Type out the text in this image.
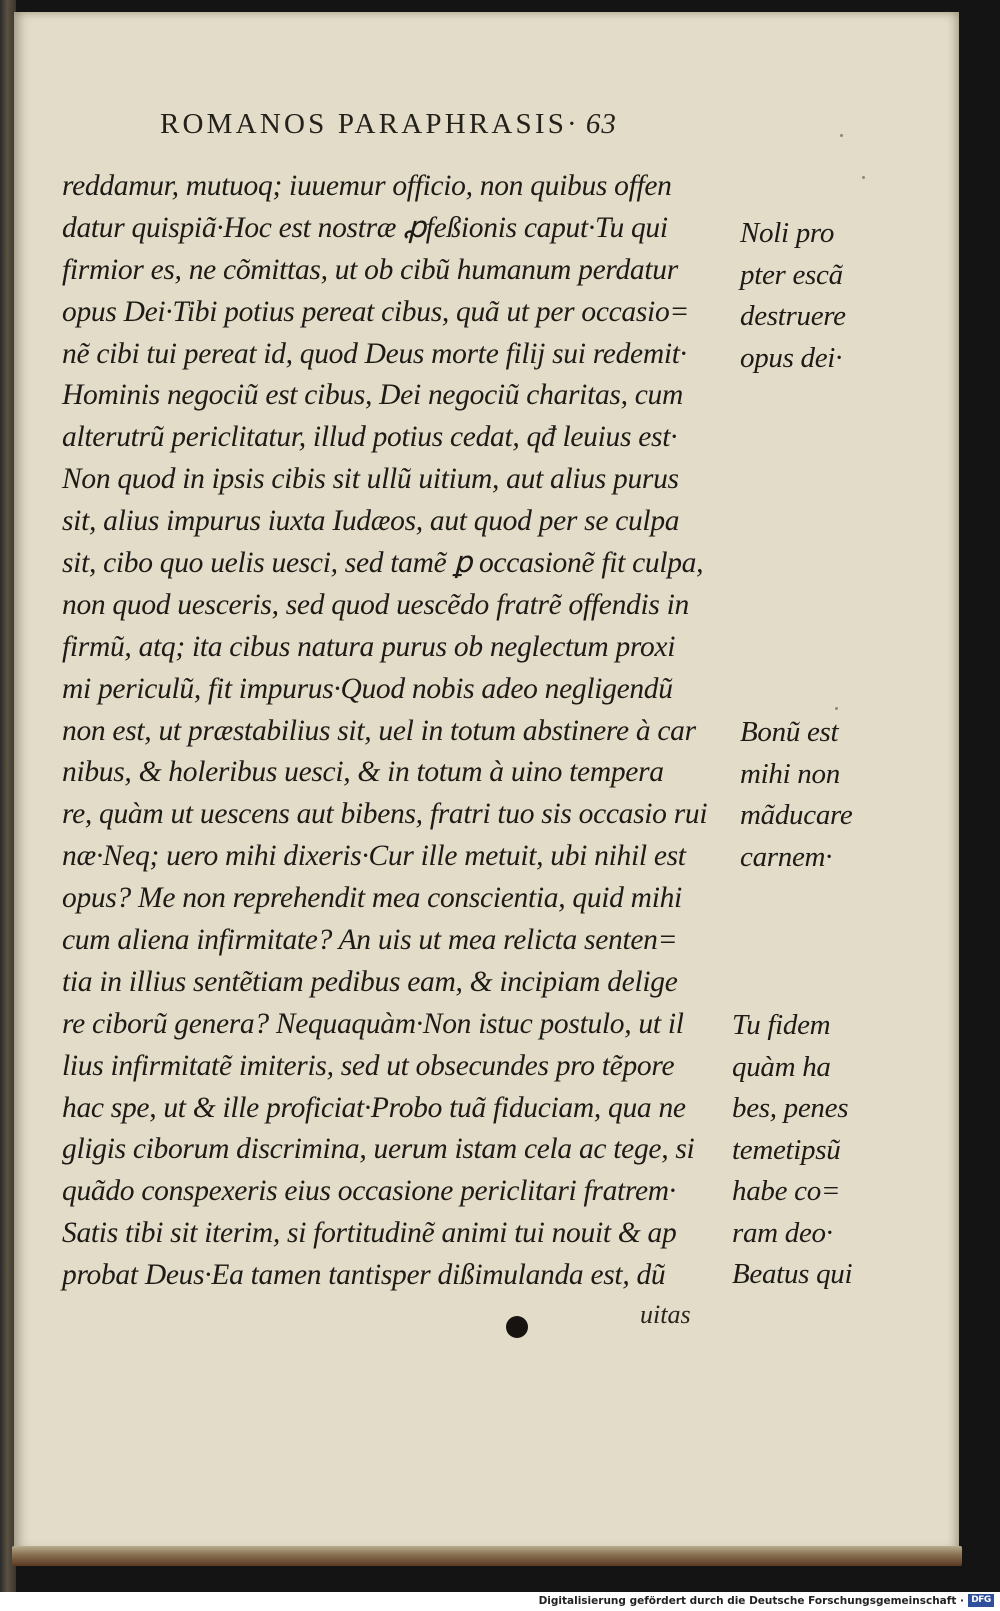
ROMANOS PARAPHRASIS· 63
reddamur, mutuoq; iuuemur officio, non quibus offen
datur quispiã·Hoc est nostræ ꝓfeßionis caput·Tu qui
firmior es, ne cõmittas, ut ob cibũ humanum perdatur
opus Dei·Tibi potius pereat cibus, quã ut per occasio=
nẽ cibi tui pereat id, quod Deus morte filij sui redemit·
Hominis negociũ est cibus, Dei negociũ charitas, cum
alterutrũ periclitatur, illud potius cedat, qđ leuius est·
Non quod in ipsis cibis sit ullũ uitium, aut alius purus
sit, alius impurus iuxta Iudæos, aut quod per se culpa
sit, cibo quo uelis uesci, sed tamẽ ꝑ occasionẽ fit culpa,
non quod uesceris, sed quod uescẽdo fratrẽ offendis in
firmũ, atq; ita cibus natura purus ob neglectum proxi
mi periculũ, fit impurus·Quod nobis adeo negligendũ
non est, ut præstabilius sit, uel in totum abstinere à car
nibus, & holeribus uesci, & in totum à uino tempera
re, quàm ut uescens aut bibens, fratri tuo sis occasio rui
næ·Neq; uero mihi dixeris·Cur ille metuit, ubi nihil est
opus? Me non reprehendit mea conscientia, quid mihi
cum aliena infirmitate? An uis ut mea relicta senten=
tia in illius sentẽtiam pedibus eam, & incipiam delige
re ciborũ genera? Nequaquàm·Non istuc postulo, ut il
lius infirmitatẽ imiteris, sed ut obsecundes pro tẽpore
hac spe, ut & ille proficiat·Probo tuã fiduciam, qua ne
gligis ciborum discrimina, uerum istam cela ac tege, si
quãdo conspexeris eius occasione periclitari fratrem·
Satis tibi sit iterim, si fortitudinẽ animi tui nouit & ap
probat Deus·Ea tamen tantisper dißimulanda est, dũ
Noli pro
pter escã
destruere
opus dei·
Bonũ est
mihi non
mãducare
carnem·
Tu fidem
quàm ha
bes, penes
temetipsũ
habe co=
ram deo·
Beatus qui
uitas
Digitalisierung gefördert durch die Deutsche Forschungsgemeinschaft · DFG
